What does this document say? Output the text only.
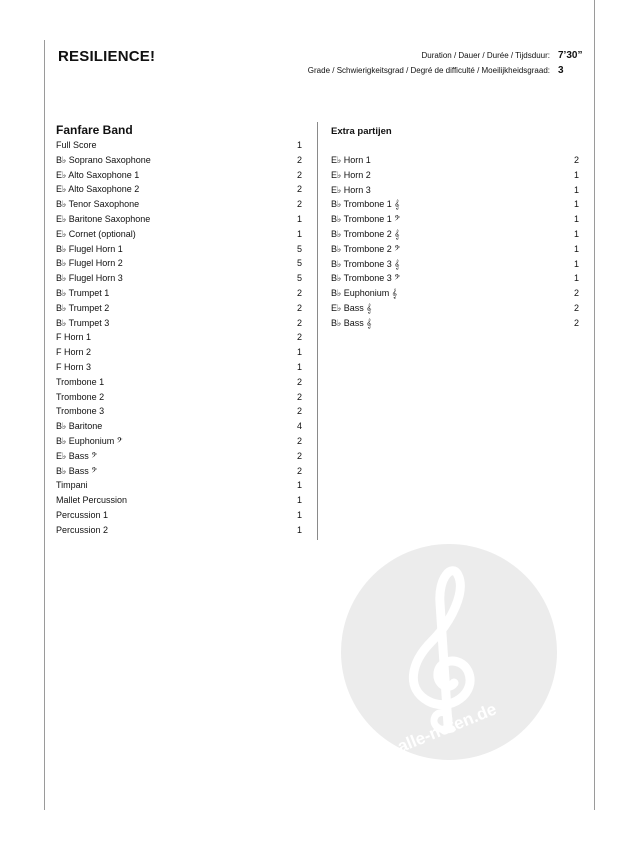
RESILIENCE!	Duration / Dauer / Durée / Tijdsduur: 7’30”
Grade / Schwierigkeitsgrad / Degré de difficulté / Moeilijkheidsgraad: 3
Fanfare Band
Full Score	1
B♭ Soprano Saxophone	2
E♭ Alto Saxophone 1	2
E♭ Alto Saxophone 2	2
B♭ Tenor Saxophone	2
E♭ Baritone Saxophone	1
E♭ Cornet (optional)	1
B♭ Flugel Horn 1	5
B♭ Flugel Horn 2	5
B♭ Flugel Horn 3	5
B♭ Trumpet 1	2
B♭ Trumpet 2	2
B♭ Trumpet 3	2
F Horn 1	2
F Horn 2	1
F Horn 3	1
Trombone 1	2
Trombone 2	2
Trombone 3	2
B♭ Baritone	4
B♭ Euphonium 𝄢	2
E♭ Bass 𝄢	2
B♭ Bass 𝄢	2
Timpani	1
Mallet Percussion	1
Percussion 1	1
Percussion 2	1
Extra partijen
E♭ Horn 1	2
E♭ Horn 2	1
E♭ Horn 3	1
B♭ Trombone 1 𝄞	1
B♭ Trombone 1 𝄢	1
B♭ Trombone 2 𝄞	1
B♭ Trombone 2 𝄢	1
B♭ Trombone 3 𝄞	1
B♭ Trombone 3 𝄢	1
B♭ Euphonium 𝄞	2
E♭ Bass 𝄞	2
B♭ Bass 𝄞	2
alle-noten.de
